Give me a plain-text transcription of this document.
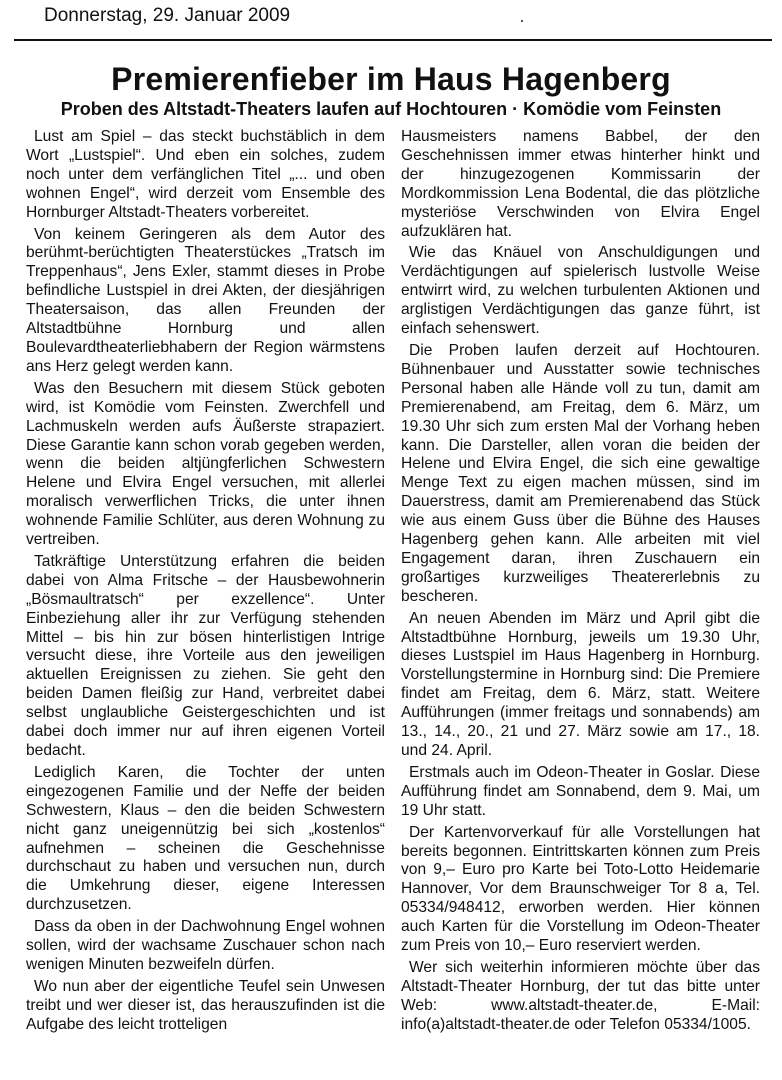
Donnerstag, 29. Januar 2009
Premierenfieber im Haus Hagenberg
Proben des Altstadt-Theaters laufen auf Hochtouren · Komödie vom Feinsten

Lust am Spiel – das steckt buchstäblich in dem Wort „Lustspiel“. Und eben ein solches, zudem noch unter dem verfänglichen Titel „... und oben wohnen Engel“, wird derzeit vom Ensemble des Hornburger Altstadt-Theaters vorbereitet.

Von keinem Geringeren als dem Autor des berühmt-berüchtigten Theaterstückes „Tratsch im Treppenhaus“, Jens Exler, stammt dieses in Probe befindliche Lustspiel in drei Akten, der diesjährigen Theatersaison, das allen Freunden der Altstadtbühne Hornburg und allen Boulevardtheaterliebhabern der Region wärmstens ans Herz gelegt werden kann.

Was den Besuchern mit diesem Stück geboten wird, ist Komödie vom Feinsten. Zwerchfell und Lachmuskeln werden aufs Äußerste strapaziert. Diese Garantie kann schon vorab gegeben werden, wenn die beiden altjüngferlichen Schwestern Helene und Elvira Engel versuchen, mit allerlei moralisch verwerflichen Tricks, die unter ihnen wohnende Familie Schlüter, aus deren Wohnung zu vertreiben.

Tatkräftige Unterstützung erfahren die beiden dabei von Alma Fritsche – der Hausbewohnerin „Bösmaultratsch“ per exzellence“. Unter Einbeziehung aller ihr zur Verfügung stehenden Mittel – bis hin zur bösen hinterlistigen Intrige versucht diese, ihre Vorteile aus den jeweiligen aktuellen Ereignissen zu ziehen. Sie geht den beiden Damen fleißig zur Hand, verbreitet dabei selbst unglaubliche Geistergeschichten und ist dabei doch immer nur auf ihren eigenen Vorteil bedacht.

Lediglich Karen, die Tochter der unten eingezogenen Familie und der Neffe der beiden Schwestern, Klaus – den die beiden Schwestern nicht ganz uneigennützig bei sich „kostenlos“ aufnehmen – scheinen die Geschehnisse durchschaut zu haben und versuchen nun, durch die Umkehrung dieser, eigene Interessen durchzusetzen.

Dass da oben in der Dachwohnung Engel wohnen sollen, wird der wachsame Zuschauer schon nach wenigen Minuten bezweifeln dürfen.

Wo nun aber der eigentliche Teufel sein Unwesen treibt und wer dieser ist, das herauszufinden ist die Aufgabe des leicht trotteligen

Hausmeisters namens Babbel, der den Geschehnissen immer etwas hinterher hinkt und der hinzugezogenen Kommissarin der Mordkommission Lena Bodental, die das plötzliche mysteriöse Verschwinden von Elvira Engel aufzuklären hat.

Wie das Knäuel von Anschuldigungen und Verdächtigungen auf spielerisch lustvolle Weise entwirrt wird, zu welchen turbulenten Aktionen und arglistigen Verdächtigungen das ganze führt, ist einfach sehenswert.

Die Proben laufen derzeit auf Hochtouren. Bühnenbauer und Ausstatter sowie technisches Personal haben alle Hände voll zu tun, damit am Premierenabend, am Freitag, dem 6. März, um 19.30 Uhr sich zum ersten Mal der Vorhang heben kann. Die Darsteller, allen voran die beiden der Helene und Elvira Engel, die sich eine gewaltige Menge Text zu eigen machen müssen, sind im Dauerstress, damit am Premierenabend das Stück wie aus einem Guss über die Bühne des Hauses Hagenberg gehen kann. Alle arbeiten mit viel Engagement daran, ihren Zuschauern ein großartiges kurzweiliges Theatererlebnis zu bescheren.

An neuen Abenden im März und April gibt die Altstadtbühne Hornburg, jeweils um 19.30 Uhr, dieses Lustspiel im Haus Hagenberg in Hornburg. Vorstellungstermine in Hornburg sind: Die Premiere findet am Freitag, dem 6. März, statt. Weitere Aufführungen (immer freitags und sonnabends) am 13., 14., 20., 21 und 27. März sowie am 17., 18. und 24. April.

Erstmals auch im Odeon-Theater in Goslar. Diese Aufführung findet am Sonnabend, dem 9. Mai, um 19 Uhr statt.

Der Kartenvorverkauf für alle Vorstellungen hat bereits begonnen. Eintrittskarten können zum Preis von 9,– Euro pro Karte bei Toto-Lotto Heidemarie Hannover, Vor dem Braunschweiger Tor 8 a, Tel. 05334/948412, erworben werden. Hier können auch Karten für die Vorstellung im Odeon-Theater zum Preis von 10,– Euro reserviert werden.

Wer sich weiterhin informieren möchte über das Altstadt-Theater Hornburg, der tut das bitte unter Web: www.altstadt-theater.de, E-Mail: info(a)altstadt-theater.de oder Telefon 05334/1005.
